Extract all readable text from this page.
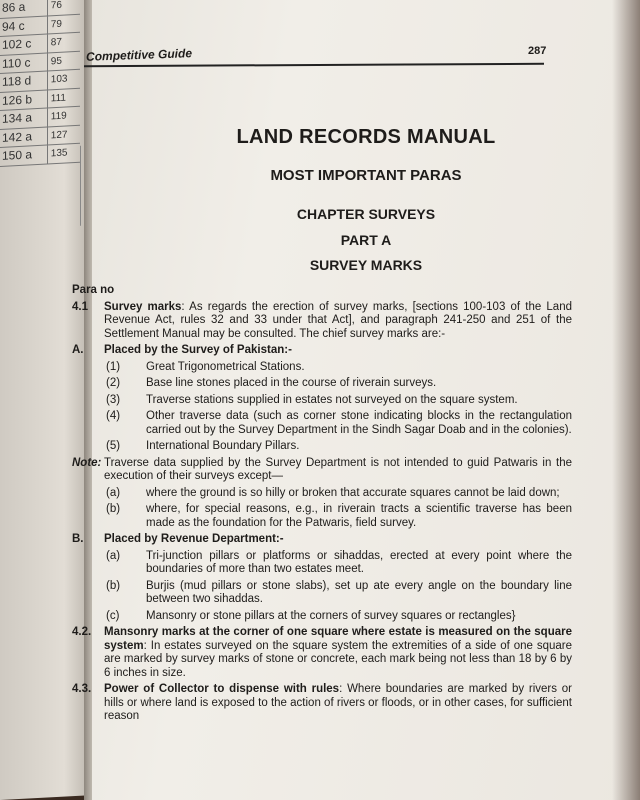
86 a	76
94 c	79
102 c	87
110 c	95
118 d	103
126 b	111
134 a	119
142 a	127
150 a	135
Competitive Guide	287
LAND RECORDS MANUAL
MOST IMPORTANT PARAS
CHAPTER SURVEYS
PART A
SURVEY MARKS
Para no
4.1	Survey marks: As regards the erection of survey marks, [sections 100-103 of the Land Revenue Act, rules 32 and 33 under that Act], and paragraph 241-250 and 251 of the Settlement Manual may be consulted. The chief survey marks are:-
A.	Placed by the Survey of Pakistan:-
(1)	Great Trigonometrical Stations.
(2)	Base line stones placed in the course of riverain surveys.
(3)	Traverse stations supplied in estates not surveyed on the square system.
(4)	Other traverse data (such as corner stone indicating blocks in the rectangulation carried out by the Survey Department in the Sindh Sagar Doab and in the colonies).
(5)	International Boundary Pillars.
Note: Traverse data supplied by the Survey Department is not intended to guid Patwaris in the execution of their surveys except—
(a)	where the ground is so hilly or broken that accurate squares cannot be laid down;
(b)	where, for special reasons, e.g., in riverain tracts a scientific traverse has been made as the foundation for the Patwaris, field survey.
B.	Placed by Revenue Department:-
(a)	Tri-junction pillars or platforms or sihaddas, erected at every point where the boundaries of more than two estates meet.
(b)	Burjis (mud pillars or stone slabs), set up ate every angle on the boundary line between two sihaddas.
(c)	Mansonry or stone pillars at the corners of survey squares or rectangles}
4.2.	Mansonry marks at the corner of one square where estate is measured on the square system: In estates surveyed on the square system the extremities of a side of one square are marked by survey marks of stone or concrete, each mark being not less than 18 by 6 by 6 inches in size.
4.3.	Power of Collector to dispense with rules: Where boundaries are marked by rivers or hills or where land is exposed to the action of rivers or floods, or in other cases, for sufficient reason
